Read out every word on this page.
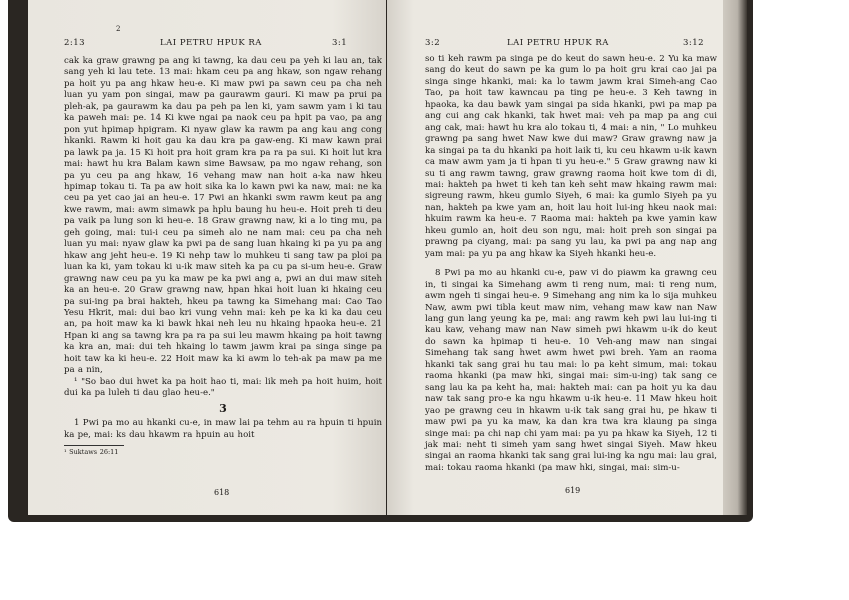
2:13
2
LAI PETRU HPUK RA	3:1

cak ka graw grawng pa ang ki tawng, ka dau ceu pa yeh ki lau an, tak sang yeh ki lau tete. 13 mai: hkam ceu pa ang hkaw, son ngaw rehang pa hoit yu pa ang hkaw heu-e. Ki maw pwi pa sawn ceu pa cha neh luan yu yam pon singai, maw pa gaurawm gauri. Ki maw pa prui pa pleh-ak, pa gaurawm ka dau pa peh pa len ki, yam sawm yam i ki tau ka paweh mai: pe. 14 Ki kwe ngai pa naok ceu pa hpit pa vao, pa ang pon yut hpimap hpigram. Ki nyaw glaw ka rawm pa ang kau ang cong hkanki. Rawm ki hoit gau ka dau kra pa gaw-eng. Ki maw kawn prai pa lawk pa ja. 15 Ki hoit pra hoit gram kra pa ra pa sui. Ki hoit lut kra mai: hawt hu kra Balam kawn sime Bawsaw, pa mo ngaw rehang, son pa yu ceu pa ang hkaw, 16 vehang maw nan hoit a-ka naw hkeu hpimap tokau ti. Ta pa aw hoit sika ka lo kawn pwi ka naw, mai: ne ka ceu pa yet cao jai an heu-e. 17 Pwi an hkanki swm rawm keut pa ang kwe rawm, mai: awm simawk pa hplu baung hu heu-e. Hoit preh ti deu pa vaik pa lung son ki heu-e. 18 Graw grawng naw, ki a lo ting mu, pa geh going, mai: tui-i ceu pa simeh alo ne nam mai: ceu pa cha neh luan yu mai: nyaw glaw ka pwi pa de sang luan hkaing ki pa yu pa ang hkaw ang jeht heu-e. 19 Ki nehp taw lo muhkeu ti sang taw pa ploi pa luan ka ki, yam tokau ki u-ik maw siteh ka pa cu pa si-um heu-e. Graw grawng naw ceu pa yu ka maw pe ka pwi ang a, pwi an dui maw siteh ka an heu-e. 20 Graw grawng naw, hpan hkai hoit luan ki hkaing ceu pa sui-ing pa brai hakteh, hkeu pa tawng ka Simehang mai: Cao Tao Yesu Hkrit, mai: dui bao kri vung vehn mai: keh pe ka ki ka dau ceu an, pa hoit maw ka ki bawk hkai neh leu nu hkaing hpaoka heu-e. 21 Hpan ki ang sa tawng kra pa ra pa sui leu mawm hkaing pa hoit tawng ka kra an, mai: dui teh hkaing lo tawm jawm krai pa singa singe pa hoit taw ka ki heu-e. 22 Hoit maw ka ki awm lo teh-ak pa maw pa me pa a nin,

¹ "So bao dui hwet ka pa hoit hao ti, mai: lik meh pa hoit huim, hoit dui ka pa luleh ti dau glao heu-e."

3

1 Pwi pa mo au hkanki cu-e, in maw lai pa tehm au ra hpuin ti hpuin ka pe, mai: ks dau hkawm ra hpuin au hoit

¹ Suktaws 26:11
618
3:2	LAI PETRU HPUK RA	3:12

so ti keh rawm pa singa pe do keut do sawn heu-e. 2 Yu ka maw sang do keut do sawn pe ka gum lo pa hoit gru krai cao jai pa singa singe hkanki, mai: ka lo tawm jawm krai Simeh-ang Cao Tao, pa hoit taw kawncau pa ting pe heu-e. 3 Keh tawng in hpaoka, ka dau bawk yam singai pa sida hkanki, pwi pa map pa ang cui ang cak hkanki, tak hwet mai: veh pa map pa ang cui ang cak, mai: hawt hu kra alo tokau ti, 4 mai: a nin, " Lo muhkeu grawng pa sang hwet Naw kwe dui maw? Graw grawng naw ja ka singai pa ta du hkanki pa hoit laik ti, ku ceu hkawm u-ik kawn ca maw awm yam ja ti hpan ti yu heu-e." 5 Graw grawng naw ki su ti ang rawm tawng, graw grawng raoma hoit kwe tom di di, mai: hakteh pa hwet ti keh tan keh seht maw hkaing rawm mai: sigreung rawm, hkeu gumlo Siyeh, 6 mai: ka gumlo Siyeh pa yu nan, hakteh pa kwe yam an, hoit lau hoit lui-ing hkeu naok mai: hkuim rawm ka heu-e. 7 Raoma mai: hakteh pa kwe yamin kaw hkeu gumlo an, hoit deu son ngu, mai: hoit preh son singai pa prawng pa ciyang, mai: pa sang yu lau, ka pwi pa ang nap ang yam mai: pa yu pa ang hkaw ka Siyeh hkanki heu-e.

8 Pwi pa mo au hkanki cu-e, paw vi do piawm ka grawng ceu in, ti singai ka Simehang awm ti reng num, mai: ti reng num, awm ngeh ti singai heu-e. 9 Simehang ang nim ka lo sija muhkeu Naw, awm pwi tibla keut maw nim, vehang maw kaw nan Naw lang gun lang yeung ka pe, mai: ang rawm keh pwi lau lui-ing ti kau kaw, vehang maw nan Naw simeh pwi hkawm u-ik do keut do sawn ka hpimap ti heu-e. 10 Veh-ang maw nan singai Simehang tak sang hwet awm hwet pwi breh. Yam an raoma hkanki tak sang grai hu tau mai: lo pa keht simum, mai: tokau raoma hkanki (pa maw hki, singai mai: sim-u-ing) tak sang ce sang lau ka pa keht ha, mai: hakteh mai: can pa hoit yu ka dau naw tak sang pro-e ka ngu hkawm u-ik heu-e. 11 Maw hkeu hoit yao pe grawng ceu in hkawm u-ik tak sang grai hu, pe hkaw ti maw pwi pa yu ka maw, ka dan kra twa kra klaung pa singa singe mai: pa chi nap chi yam mai: pa yu pa hkaw ka Siyeh, 12 ti jak mai: neht ti simeh yam sang hwet singai Siyeh. Maw hkeu singai an raoma hkanki tak sang grai lui-ing ka ngu mai: lau grai, mai: tokau raoma hkanki (pa maw hki, singai, mai: sim-u-

619
